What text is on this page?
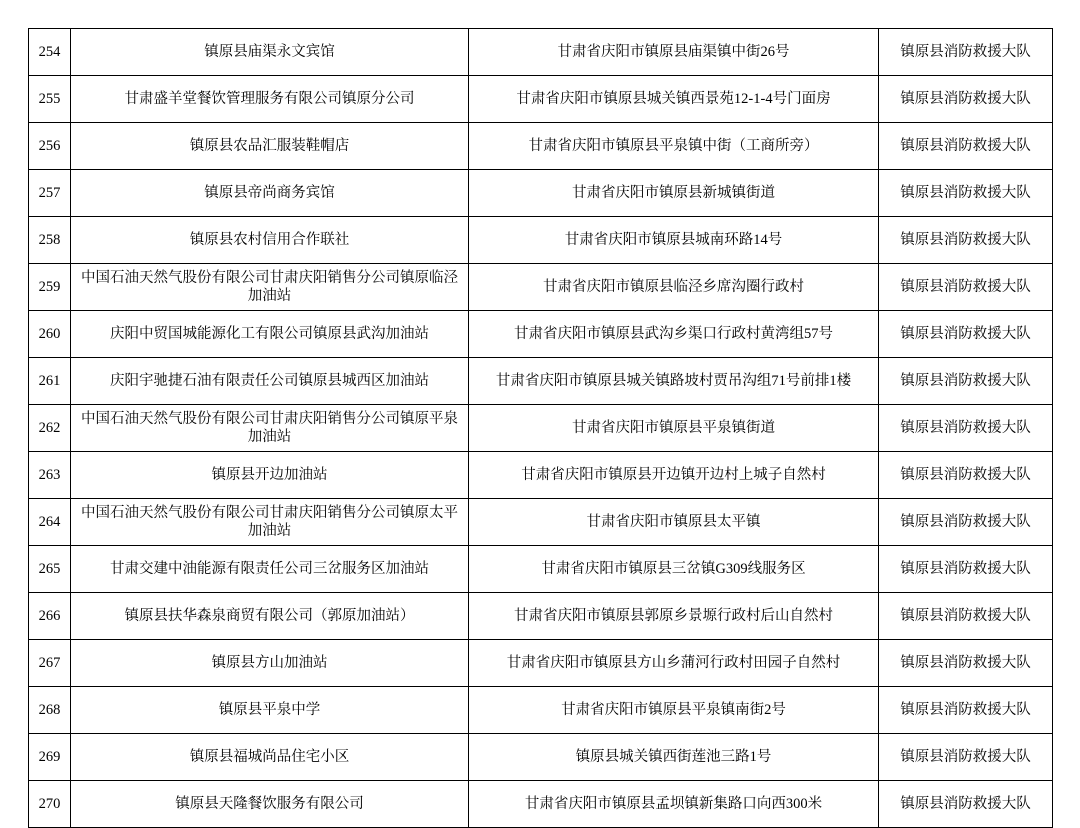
254	镇原县庙渠永文宾馆	甘肃省庆阳市镇原县庙渠镇中街26号	镇原县消防救援大队
255	甘肃盛羊堂餐饮管理服务有限公司镇原分公司	甘肃省庆阳市镇原县城关镇西景苑12-1-4号门面房	镇原县消防救援大队
256	镇原县农品汇服装鞋帽店	甘肃省庆阳市镇原县平泉镇中街（工商所旁）	镇原县消防救援大队
257	镇原县帝尚商务宾馆	甘肃省庆阳市镇原县新城镇街道	镇原县消防救援大队
258	镇原县农村信用合作联社	甘肃省庆阳市镇原县城南环路14号	镇原县消防救援大队
259	中国石油天然气股份有限公司甘肃庆阳销售分公司镇原临泾加油站	甘肃省庆阳市镇原县临泾乡席沟圈行政村	镇原县消防救援大队
260	庆阳中贸国城能源化工有限公司镇原县武沟加油站	甘肃省庆阳市镇原县武沟乡渠口行政村黄湾组57号	镇原县消防救援大队
261	庆阳宇驰捷石油有限责任公司镇原县城西区加油站	甘肃省庆阳市镇原县城关镇路坡村贾吊沟组71号前排1楼	镇原县消防救援大队
262	中国石油天然气股份有限公司甘肃庆阳销售分公司镇原平泉加油站	甘肃省庆阳市镇原县平泉镇街道	镇原县消防救援大队
263	镇原县开边加油站	甘肃省庆阳市镇原县开边镇开边村上城子自然村	镇原县消防救援大队
264	中国石油天然气股份有限公司甘肃庆阳销售分公司镇原太平加油站	甘肃省庆阳市镇原县太平镇	镇原县消防救援大队
265	甘肃交建中油能源有限责任公司三岔服务区加油站	甘肃省庆阳市镇原县三岔镇G309线服务区	镇原县消防救援大队
266	镇原县扶华森泉商贸有限公司（郭原加油站）	甘肃省庆阳市镇原县郭原乡景塬行政村后山自然村	镇原县消防救援大队
267	镇原县方山加油站	甘肃省庆阳市镇原县方山乡蒲河行政村田园子自然村	镇原县消防救援大队
268	镇原县平泉中学	甘肃省庆阳市镇原县平泉镇南街2号	镇原县消防救援大队
269	镇原县福城尚品住宅小区	镇原县城关镇西街莲池三路1号	镇原县消防救援大队
270	镇原县天隆餐饮服务有限公司	甘肃省庆阳市镇原县孟坝镇新集路口向西300米	镇原县消防救援大队
